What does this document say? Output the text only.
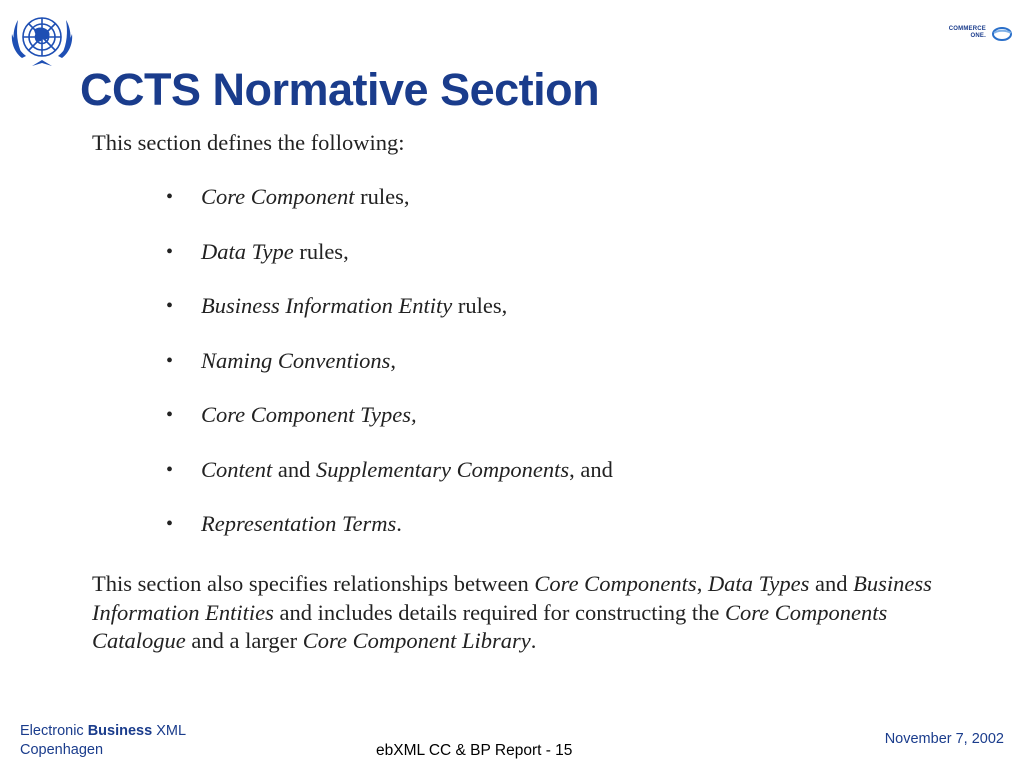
COMMERCE
ONE.
CCTS Normative Section

This section defines the following:

• Core Component rules,
• Data Type rules,
• Business Information Entity rules,
• Naming Conventions,
• Core Component Types,
• Content and Supplementary Components, and
• Representation Terms.

This section also specifies relationships between Core Components, Data Types and Business Information Entities and includes details required for constructing the Core Components Catalogue and a larger Core Component Library.

Electronic Business XML
Copenhagen	ebXML CC & BP Report - 15
November 7, 2002
